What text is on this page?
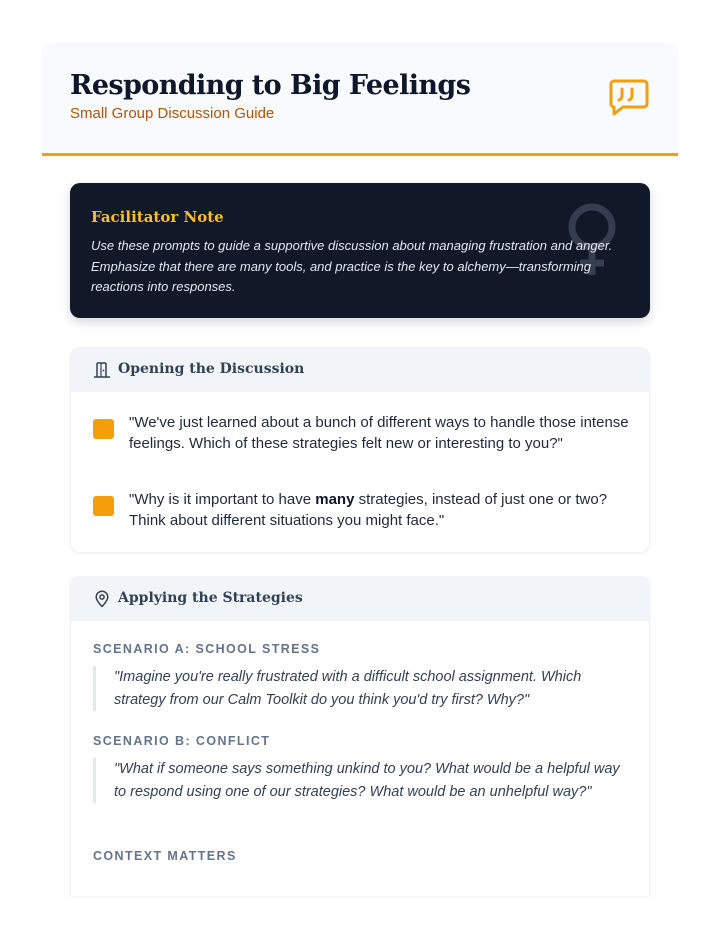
Responding to Big Feelings
Small Group Discussion Guide
Facilitator Note
Use these prompts to guide a supportive discussion about managing frustration and anger. Emphasize that there are many tools, and practice is the key to alchemy—transforming reactions into responses.
Opening the Discussion
"We've just learned about a bunch of different ways to handle those intense feelings. Which of these strategies felt new or interesting to you?"
"Why is it important to have many strategies, instead of just one or two? Think about different situations you might face."
Applying the Strategies
SCENARIO A: SCHOOL STRESS
"Imagine you're really frustrated with a difficult school assignment. Which strategy from our Calm Toolkit do you think you'd try first? Why?"
SCENARIO B: CONFLICT
"What if someone says something unkind to you? What would be a helpful way to respond using one of our strategies? What would be an unhelpful way?"
CONTEXT MATTERS
